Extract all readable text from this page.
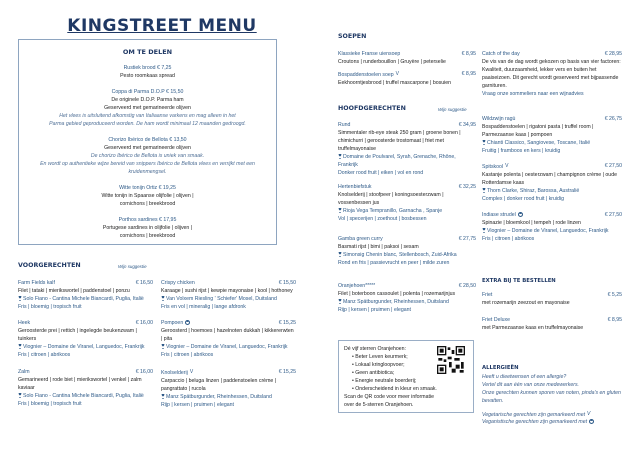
KINGSTREET MENU
OM TE DELEN
Rustiek brood € 7,25
Pesto roomkaas spread
Coppa di Parma D.O.P € 15,50
De originele D.O.P. Parma ham
Geserveerd met gemarineerde olijven
Het vlees is uitsluitend afkomstig van Italiaanse varkens en mag alleen in het
Parma gebied geproduceerd worden. De ham wordt minimaal 12 maanden gedroogd.
Chorizo Ibérico de Bellota € 13,50
Geserveerd met gemarineerde olijven
De chorizo Ibérico de Bellota is uniek van smaak.
En wordt op authentieke wijze bereid van snippers Ibérico de Bellota vlees en verrijkt met een
kruidenmengsel.
Witte tonijn Ortiz € 19,25
Witte tonijn in Spaanse olijfolie | olijven |
cornichons | breekbrood
Porthos sardines € 17,95
Portugese sardines in olijfolie | olijven |
cornichons | breekbrood
VOORGERECHTEN	Wijn suggestie
SOEPEN
HOOFDGERECHTEN	Wijn suggestie
EXTRA BIJ TE BESTELLEN
ALLERGIEËN
Catch of the day	€ 28,95
De vis van de dag wordt gekozen op basis van vier factoren:
Kwaliteit, duurzaamheid, lekker vers en buiten het paaiseizoen. Dit gerecht wordt geserveerd met bijpassende garnituren.
Vraag onze sommeliers naar een wijnadvies
Dé vijf sterren Oranjehoen:
• Beter Leven keurmerk;
• Lokaal kringloopvoer;
• Geen antibiotica;
• Energie neutrale boerderij;
• Onderscheidend in kleur en smaak.
Scan de QR code voor meer informatie over de 5-sterren Oranjehoen.
Heeft u dieetwensen of een allergie?
Vertel dit aan één van onze medewerkers.
Onze gerechten kunnen sporen van noten, pinda's en gluten bevatten.
Vegetarische gerechten zijn gemarkeerd met V
Veganistische gerechten zijn gemarkeerd met
Farm Fields kalf	€ 16,50
Filet | tataki | mierikswortel | paddenstoel | ponzu
Solo Fiano - Cantina Michele Biancardi, Puglia, Italië
Fris | bloemig | tropisch fruit
Heek	€ 16,00
Geroosterde prei | rettich | ingelegde beukenzwam | tuinkers
Viognier – Domaine de Viranel, Languedoc, Frankrijk
Fris | citroen | abrikoos
Zalm	€ 16,00
Gemarineerd | rode biet | mierikswortel | venkel | zalm kaviaar
Solo Fiano - Cantina Michele Biancardi, Puglia, Italië
Fris | bloemig | tropisch fruit
Crispy chicken	€ 15,50
Karaage | sushi rijst | kewpie mayonaise | kool | hothoney
Van Volxem Riesling ' Schiefer' Mosel, Duitsland
Fris en vol | mineralig | lange afdronk
Pompoen	€ 15,25
Geroosterd | hoemoes | hazelnoten dukkah | kikkererwten | pita
Viognier – Domaine de Viranel, Languedoc, Frankrijk
Fris | citroen | abrikoos
Knolselderij V	€ 15,25
Carpaccio | beluga linzen | paddenstoelen crème | pangrattato | rucola
Manz Spätburgunder, Rheinhessen, Duitsland
Rijp | kersen | pruimen | elegant
Klassieke Franse uiensoep	€ 8,95
Croutons | runderbouillon | Gruyère | peterselie
Bospaddenstoelen soep V	€ 8,95
Eekhoorntjesbrood | truffel mascarpone | bosuien
Rund	€ 34,95
Simmentaler rib-eye steak 250 gram | groene bonen | chimichurri | geroosterde trostomaat | friet met truffelmayonaise
Domaine de Poulvarel, Syrah, Grenache, Rhône, Frankrijk
Donker rood fruit | eiken | vol en rond
Hertenbiefstuk	€ 32,25
Knolselderij | stoofpeer | koningsoesterzwam | vossenbessen jus
Rioja Vega Tempranillo, Garnacha , Spanje
Vol | specerijen | zoethout | bosbessen
Gamba green curry	€ 27,75
Basmati rijst | bimi | paksoi | sesam
Simonsig Chenin blanc, Stellenbosch, Zuid-Afrika
Rond en fris | passievrucht en peer | milde zuren
Oranjehoen*****	€ 28,50
Filet | boterboon cassoulet | polenta | rozemarijnjus
Manz Spätburgunder, Rheinhessen, Duitsland
Rijp | kersen | pruimen | elegant
Wildzwijn ragù	€ 26,75
Bospaddenstoelen | rigatoni pasta | truffel room | Parmezaanse kaas | pompoen
Chianti Classico, Sangiovese, Toscane, Italië
Fruitig | framboos en kers | kruidig
Spitskool V	€ 27,50
Kastanje polenta | oesterzwam | champignon crème | oude Rotterdamse kaas
Thorn Clarke, Shiraz, Barossa, Australië
Complex | donker rood fruit | kruidig
Indiase strudel	€ 27,50
Spinazie | bloemkool | tempeh | rode linzen
Viognier – Domaine de Viranel, Languedoc, Frankrijk
Fris | citroen | abrikoos
Friet	€ 5,25
met rozemarijn zeezout en mayonaise
Friet Deluxe	€ 8,95
met Parmezaanse kaas en truffelmayonaise
